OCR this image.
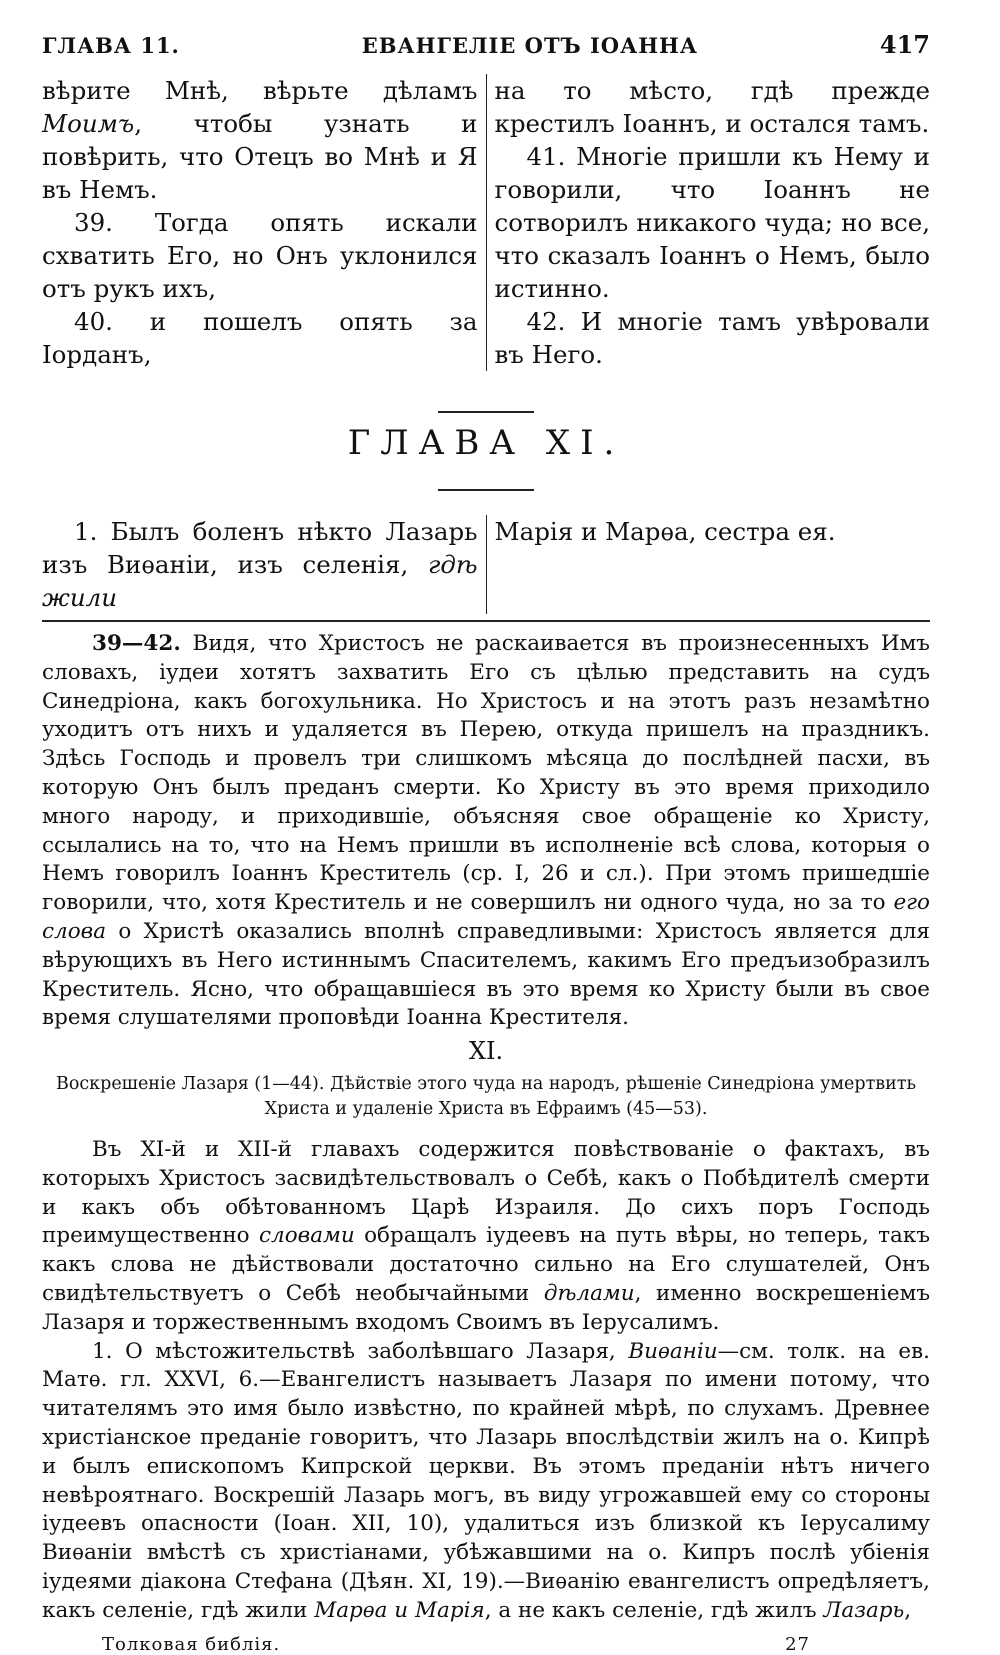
ГЛАВА 11.	ЕВАНГЕЛІЕ ОТЪ ІОАННА	417

вѣрите Мнѣ, вѣрьте дѣламъ Моимъ, чтобы узнать и повѣрить, что Отецъ во Мнѣ и Я въ Немъ.

39. Тогда опять искали схватить Его, но Онъ уклонился отъ рукъ ихъ,

40. и пошелъ опять за Іорданъ,

на то мѣсто, гдѣ прежде крестилъ Іоаннъ, и остался тамъ.

41. Многіе пришли къ Нему и говорили, что Іоаннъ не сотворилъ никакого чуда; но все, что сказалъ Іоаннъ о Немъ, было истинно.

42. И многіе тамъ увѣровали въ Него.

ГЛАВА XI.

1. Былъ боленъ нѣкто Лазарь изъ Виѳаніи, изъ селенія, гдѣ жили

Марія и Марѳа, сестра ея.

39—42. Видя, что Христосъ не раскаивается въ произнесенныхъ Имъ словахъ, іудеи хотятъ захватить Его съ цѣлью представить на судъ Синедріона, какъ богохульника. Но Христосъ и на этотъ разъ незамѣтно уходитъ отъ нихъ и удаляется въ Перею, откуда пришелъ на праздникъ. Здѣсь Господь и провелъ три слишкомъ мѣсяца до послѣдней пасхи, въ которую Онъ былъ преданъ смерти. Ко Христу въ это время приходило много народу, и приходившіе, объясняя свое обращеніе ко Христу, ссылались на то, что на Немъ пришли въ исполненіе всѣ слова, которыя о Немъ говорилъ Іоаннъ Креститель (ср. I, 26 и сл.). При этомъ пришедшіе говорили, что, хотя Креститель и не совершилъ ни одного чуда, но за то его слова о Христѣ оказались вполнѣ справедливыми: Христосъ является для вѣрующихъ въ Него истиннымъ Спасителемъ, какимъ Его предъизобразилъ Креститель. Ясно, что обращавшіеся въ это время ко Христу были въ свое время слушателями проповѣди Іоанна Крестителя.

XI.
Воскрешеніе Лазаря (1—44). Дѣйствіе этого чуда на народъ, рѣшеніе Синедріона умертвить Христа и удаленіе Христа въ Ефраимъ (45—53).

Въ XI-й и XII-й главахъ содержится повѣствованіе о фактахъ, въ которыхъ Христосъ засвидѣтельствовалъ о Себѣ, какъ о Побѣдителѣ смерти и какъ объ обѣтованномъ Царѣ Израиля. До сихъ поръ Господь преимущественно словами обращалъ іудеевъ на путь вѣры, но теперь, такъ какъ слова не дѣйствовали достаточно сильно на Его слушателей, Онъ свидѣтельствуетъ о Себѣ необычайными дѣлами, именно воскрешеніемъ Лазаря и торжественнымъ входомъ Своимъ въ Іерусалимъ.

1. О мѣстожительствѣ заболѣвшаго Лазаря, Виѳаніи—см. толк. на ев. Матѳ. гл. XXVI, 6.—Евангелистъ называетъ Лазаря по имени потому, что читателямъ это имя было извѣстно, по крайней мѣрѣ, по слухамъ. Древнее христіанское преданіе говоритъ, что Лазарь впослѣдствіи жилъ на о. Кипрѣ и былъ епископомъ Кипрской церкви. Въ этомъ преданіи нѣтъ ничего невѣроятнаго. Воскрешій Лазарь могъ, въ виду угрожавшей ему со стороны іудеевъ опасности (Іоан. XII, 10), удалиться изъ близкой къ Іерусалиму Виѳаніи вмѣстѣ съ христіанами, убѣжавшими на о. Кипръ послѣ убіенія іудеями діакона Стефана (Дѣян. XI, 19).—Виѳанію евангелистъ опредѣляетъ, какъ селеніе, гдѣ жили Марѳа и Марія, а не какъ селеніе, гдѣ жилъ Лазарь,

Толковая библія.	27
